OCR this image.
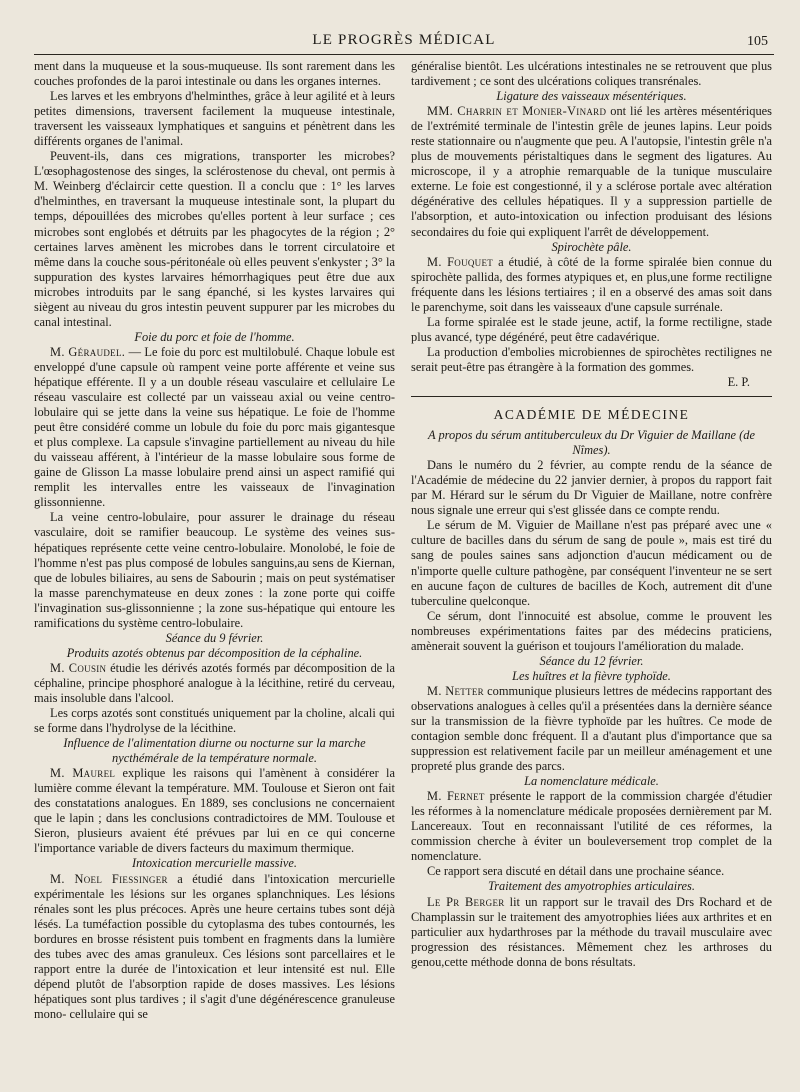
LE PROGRÈS MÉDICAL	105

ment dans la muqueuse et la sous-muqueuse. Ils sont rarement dans les couches profondes de la paroi intestinale ou dans les organes internes.

Les larves et les embryons d'helminthes, grâce à leur agilité et à leurs petites dimensions, traversent facilement la muqueuse intestinale, traversent les vaisseaux lymphatiques et sanguins et pénètrent dans les différents organes de l'animal.

Peuvent-ils, dans ces migrations, transporter les microbes? L'œsophagostenose des singes, la sclérostenose du cheval, ont permis à M. Weinberg d'éclaircir cette question. Il a conclu que : 1° les larves d'helminthes, en traversant la muqueuse intestinale sont, la plupart du temps, dépouillées des microbes qu'elles portent à leur surface ; ces microbes sont englobés et détruits par les phagocytes de la région ; 2° certaines larves amènent les microbes dans le torrent circulatoire et même dans la couche sous-péritonéale où elles peuvent s'enkyster ; 3° la suppuration des kystes larvaires hémorrhagiques peut être due aux microbes introduits par le sang épanché, si les kystes larvaires qui siègent au niveau du gros intestin peuvent suppurer par les microbes du canal intestinal.

Foie du porc et foie de l'homme.

M. Géraudel. — Le foie du porc est multilobulé. Chaque lobule est enveloppé d'une capsule où rampent veine porte afférente et veine sus hépatique efférente. Il y a un double réseau vasculaire et cellulaire Le réseau vasculaire est collecté par un vaisseau axial ou veine centro-lobulaire qui se jette dans la veine sus hépatique. Le foie de l'homme peut être considéré comme un lobule du foie du porc mais gigantesque et plus complexe. La capsule s'invagine partiellement au niveau du hile du vaisseau afférent, à l'intérieur de la masse lobulaire sous forme de gaine de Glisson La masse lobulaire prend ainsi un aspect ramifié qui remplit les intervalles entre les vaisseaux de l'invagination glissonnienne.

La veine centro-lobulaire, pour assurer le drainage du réseau vasculaire, doit se ramifier beaucoup. Le système des veines sus-hépatiques représente cette veine centro-lobulaire. Monolobé, le foie de l'homme n'est pas plus composé de lobules sanguins,au sens de Kiernan, que de lobules biliaires, au sens de Sabourin ; mais on peut systématiser la masse parenchymateuse en deux zones : la zone porte qui coiffe l'invagination sus-glissonnienne ; la zone sus-hépatique qui entoure les ramifications du système centro-lobulaire.

Séance du 9 février.

Produits azotés obtenus par décomposition de la céphaline.

M. Cousin étudie les dérivés azotés formés par décomposition de la céphaline, principe phosphoré analogue à la lécithine, retiré du cerveau, mais insoluble dans l'alcool.

Les corps azotés sont constitués uniquement par la choline, alcali qui se forme dans l'hydrolyse de la lécithine.

Influence de l'alimentation diurne ou nocturne sur la marche nycthémérale de la température normale.

M. Maurel explique les raisons qui l'amènent à considérer la lumière comme élevant la température. MM. Toulouse et Sieron ont fait des constatations analogues. En 1889, ses conclusions ne concernaient que le lapin ; dans les conclusions contradictoires de MM. Toulouse et Sieron, plusieurs avaient été prévues par lui en ce qui concerne l'importance variable de divers facteurs du maximum thermique.

Intoxication mercurielle massive.

M. Noel Fiessinger a étudié dans l'intoxication mercurielle expérimentale les lésions sur les organes splanchniques. Les lésions rénales sont les plus précoces. Après une heure certains tubes sont déjà lésés. La tuméfaction possible du cytoplasma des tubes contournés, les bordures en brosse résistent puis tombent en fragments dans la lumière des tubes avec des amas granuleux. Ces lésions sont parcellaires et le rapport entre la durée de l'intoxication et leur intensité est nul. Elle dépend plutôt de l'absorption rapide de doses massives. Les lésions hépatiques sont plus tardives ; il s'agit d'une dégénérescence granuleuse mono- cellulaire qui se

généralise bientôt. Les ulcérations intestinales ne se retrouvent que plus tardivement ; ce sont des ulcérations coliques transrénales.

Ligature des vaisseaux mésentériques.

MM. Charrin et Monier-Vinard ont lié les artères mésentériques de l'extrémité terminale de l'intestin grêle de jeunes lapins. Leur poids reste stationnaire ou n'augmente que peu. A l'autopsie, l'intestin grêle n'a plus de mouvements péristaltiques dans le segment des ligatures. Au microscope, il y a atrophie remarquable de la tunique musculaire externe. Le foie est congestionné, il y a sclérose portale avec altération dégénérative des cellules hépatiques. Il y a suppression partielle de l'absorption, et auto-intoxication ou infection produisant des lésions secondaires du foie qui expliquent l'arrêt de développement.

Spirochète pâle.

M. Fouquet a étudié, à côté de la forme spiralée bien connue du spirochète pallida, des formes atypiques et, en plus,une forme rectiligne fréquente dans les lésions tertiaires ; il en a observé des amas soit dans le parenchyme, soit dans les vaisseaux d'une capsule surrénale.

La forme spiralée est le stade jeune, actif, la forme rectiligne, stade plus avancé, type dégénéré, peut être cadavérique.

La production d'embolies microbiennes de spirochètes rectilignes ne serait peut-être pas étrangère à la formation des gommes.

E. P.

ACADÉMIE DE MÉDECINE

A propos du sérum antituberculeux du Dr Viguier de Maillane (de Nîmes).

Dans le numéro du 2 février, au compte rendu de la séance de l'Académie de médecine du 22 janvier dernier, à propos du rapport fait par M. Hérard sur le sérum du Dr Viguier de Maillane, notre confrère nous signale une erreur qui s'est glissée dans ce compte rendu.

Le sérum de M. Viguier de Maillane n'est pas préparé avec une « culture de bacilles dans du sérum de sang de poule », mais est tiré du sang de poules saines sans adjonction d'aucun médicament ou de n'importe quelle culture pathogène, par conséquent l'inventeur ne se sert en aucune façon de cultures de bacilles de Koch, autrement dit d'une tuberculine quelconque.

Ce sérum, dont l'innocuité est absolue, comme le prouvent les nombreuses expérimentations faites par des médecins praticiens, amènerait souvent la guérison et toujours l'amélioration du malade.

Séance du 12 février.

Les huîtres et la fièvre typhoïde.

M. Netter communique plusieurs lettres de médecins rapportant des observations analogues à celles qu'il a présentées dans la dernière séance sur la transmission de la fièvre typhoïde par les huîtres. Ce mode de contagion semble donc fréquent. Il a d'autant plus d'importance que sa suppression est relativement facile par un meilleur aménagement et une propreté plus grande des parcs.

La nomenclature médicale.

M. Fernet présente le rapport de la commission chargée d'étudier les réformes à la nomenclature médicale proposées dernièrement par M. Lancereaux. Tout en reconnaissant l'utilité de ces réformes, la commission cherche à éviter un bouleversement trop complet de la nomenclature.

Ce rapport sera discuté en détail dans une prochaine séance.

Traitement des amyotrophies articulaires.

Le Pr Berger lit un rapport sur le travail des Drs Rochard et de Champlassin sur le traitement des amyotrophies liées aux arthrites et en particulier aux hydarthroses par la méthode du travail musculaire avec progression des résistances. Mêmement chez les arthroses du genou,cette méthode donna de bons résultats.
